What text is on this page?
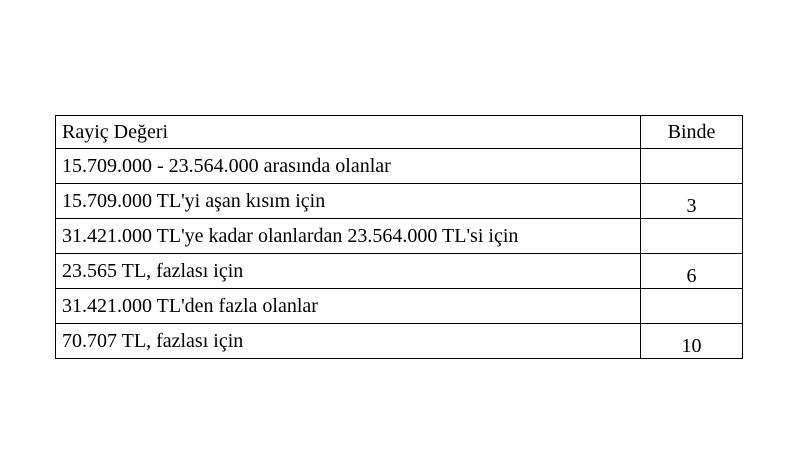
Rayiç Değeri	Binde
15.709.000 - 23.564.000 arasında olanlar	
15.709.000 TL'yi aşan kısım için	3
31.421.000 TL'ye kadar olanlardan 23.564.000 TL'si için	
23.565 TL, fazlası için	6
31.421.000 TL'den fazla olanlar	
70.707 TL, fazlası için	10
